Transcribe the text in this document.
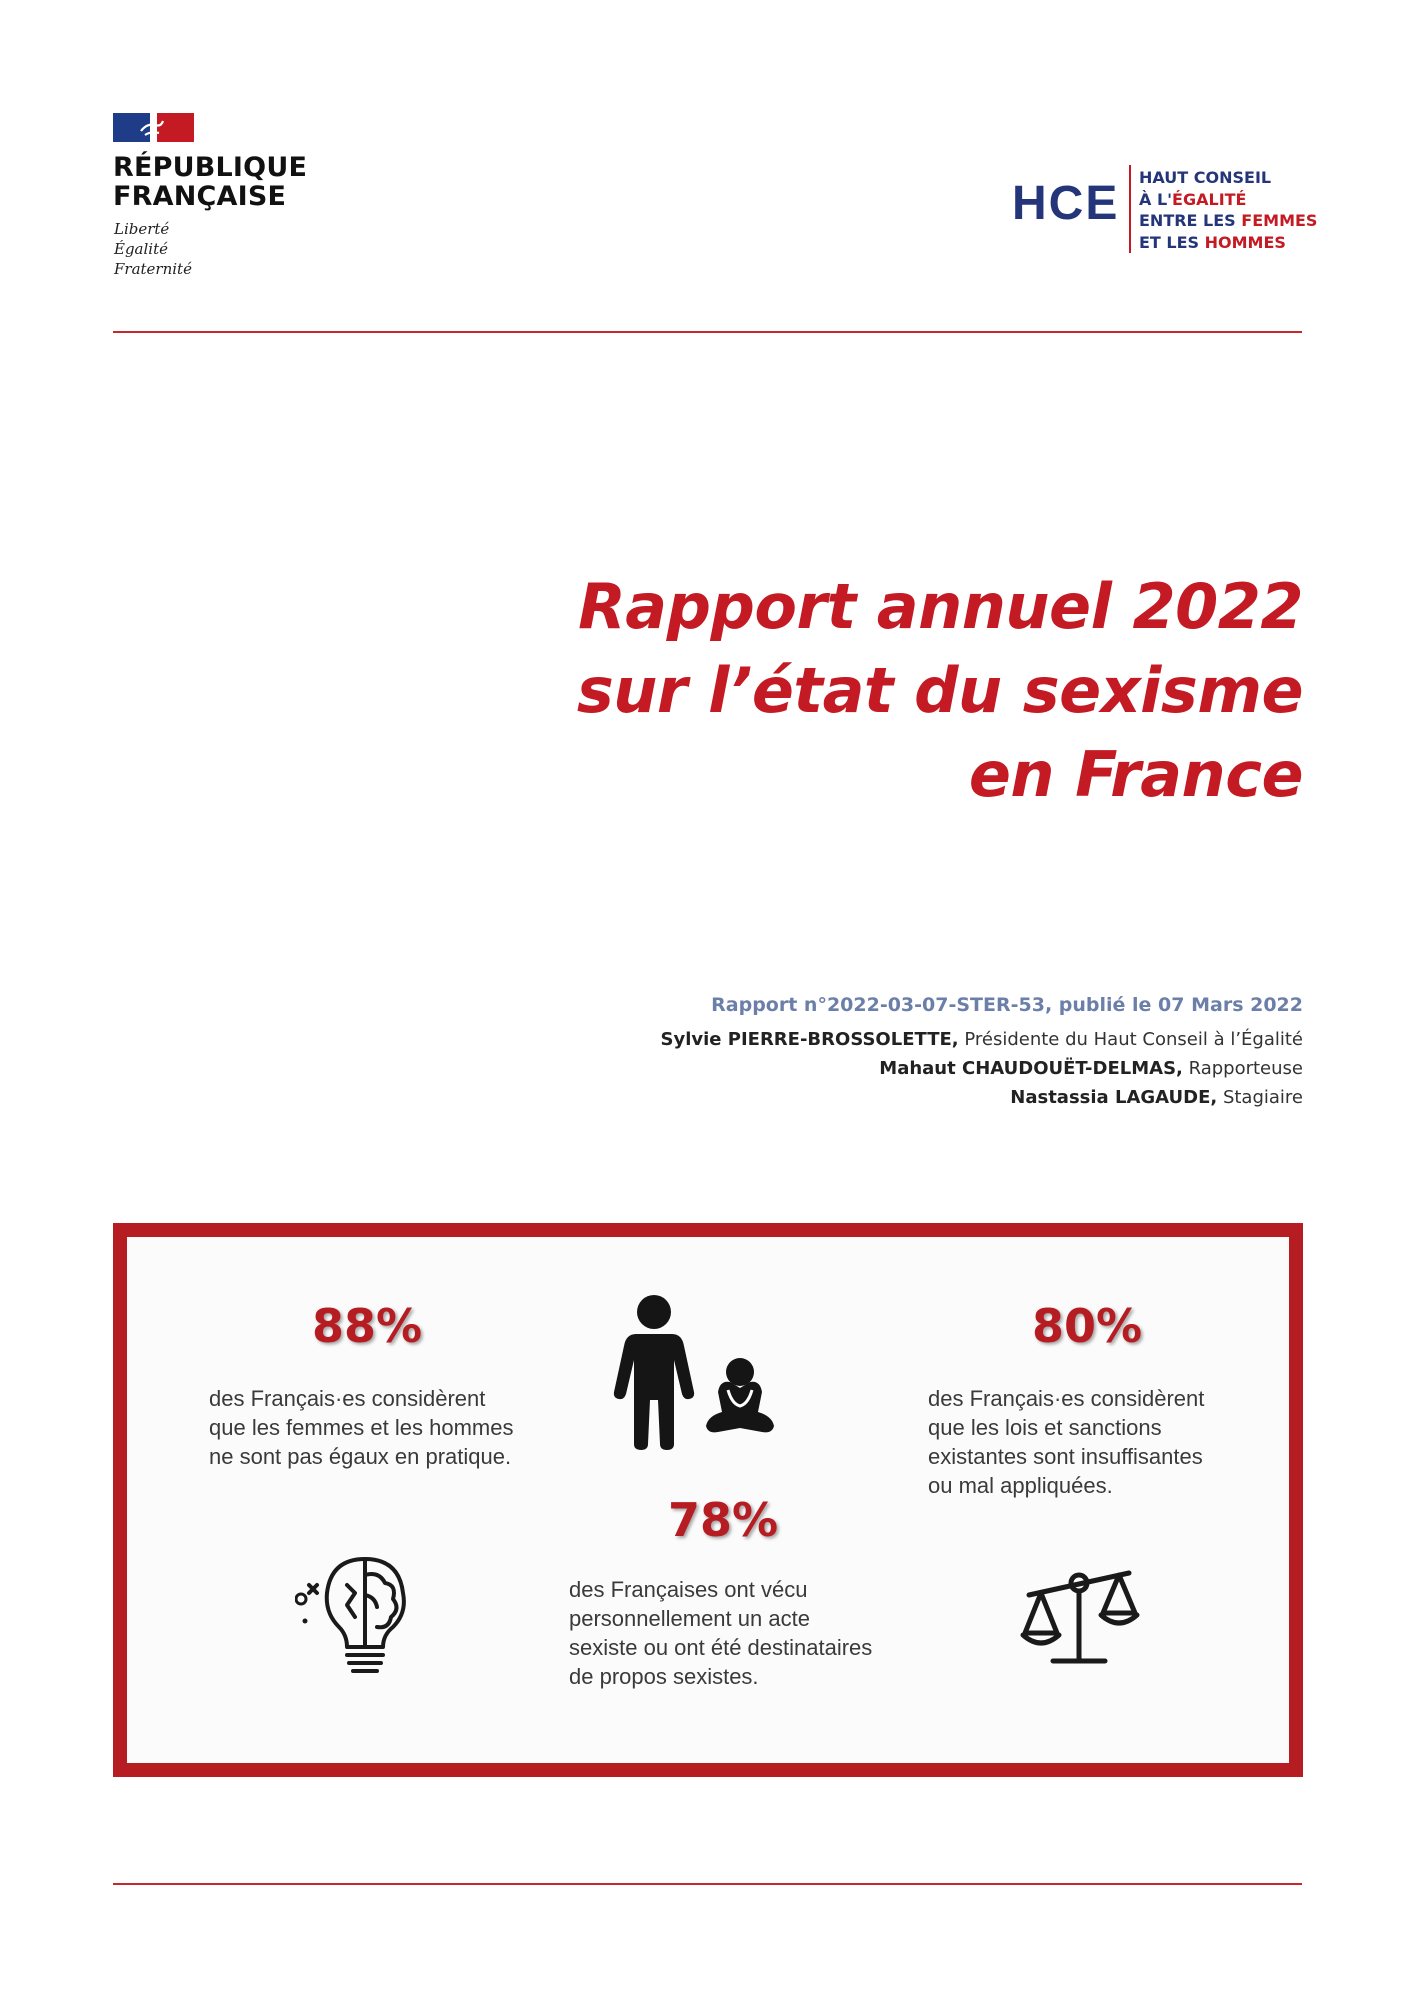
RÉPUBLIQUE
FRANÇAISE
Liberté
Égalité
Fraternité
HCE HAUT CONSEIL
À L'ÉGALITÉ
ENTRE LES FEMMES
ET LES HOMMES
Rapport annuel 2022
sur l’état du sexisme
en France
Rapport n°2022-03-07-STER-53, publié le 07 Mars 2022
Sylvie PIERRE-BROSSOLETTE, Présidente du Haut Conseil à l’Égalité
Mahaut CHAUDOUËT-DELMAS, Rapporteuse
Nastassia LAGAUDE, Stagiaire
88%
des Français·es considèrent
que les femmes et les hommes
ne sont pas égaux en pratique.
80%
des Français·es considèrent
que les lois et sanctions
existantes sont insuffisantes
ou mal appliquées.
78%
des Françaises ont vécu
personnellement un acte
sexiste ou ont été destinataires
de propos sexistes.
